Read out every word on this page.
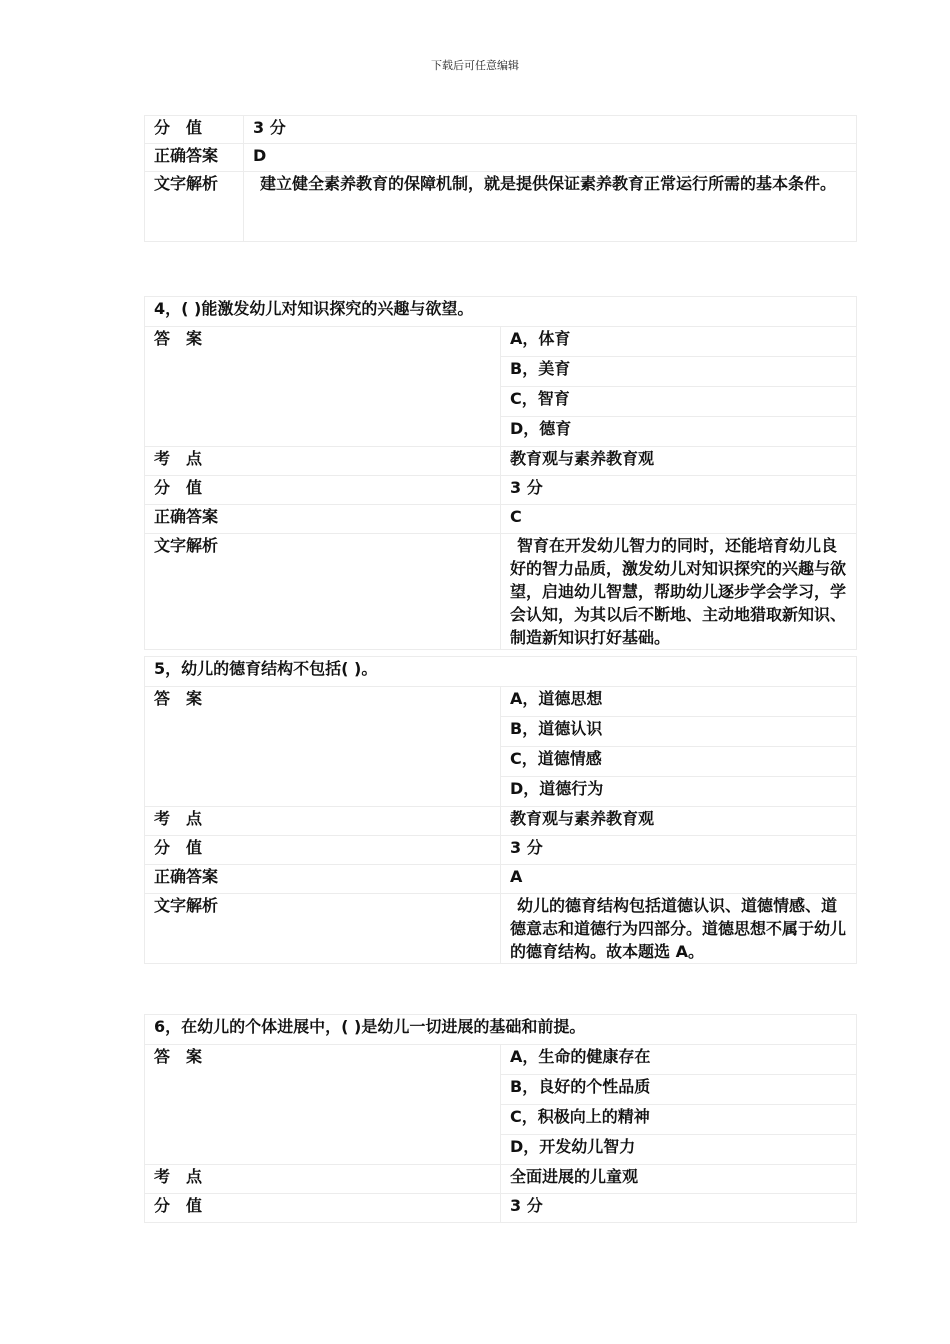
下载后可任意编辑
分　值	3 分
正确答案	D
文字解析	建立健全素养教育的保障机制，就是提供保证素养教育正常运行所需的基本条件。
4，( )能激发幼儿对知识探究的兴趣与欲望。	
答　案	A，体育
	B，美育
	C，智育
	D，德育
考　点	教育观与素养教育观
分　值	3 分
正确答案	C
文字解析	智育在开发幼儿智力的同时，还能培育幼儿良好的智力品质，激发幼儿对知识探究的兴趣与欲望，启迪幼儿智慧，帮助幼儿逐步学会学习，学会认知，为其以后不断地、主动地猎取新知识、制造新知识打好基础。
5，幼儿的德育结构不包括( )。	
答　案	A，道德思想
	B，道德认识
	C，道德情感
	D，道德行为
考　点	教育观与素养教育观
分　值	3 分
正确答案	A
文字解析	幼儿的德育结构包括道德认识、道德情感、道德意志和道德行为四部分。道德思想不属于幼儿的德育结构。故本题选 A。
6，在幼儿的个体进展中，( )是幼儿一切进展的基础和前提。	
答　案	A，生命的健康存在
	B，良好的个性品质
	C，积极向上的精神
	D，开发幼儿智力
考　点	全面进展的儿童观
分　值	3 分
